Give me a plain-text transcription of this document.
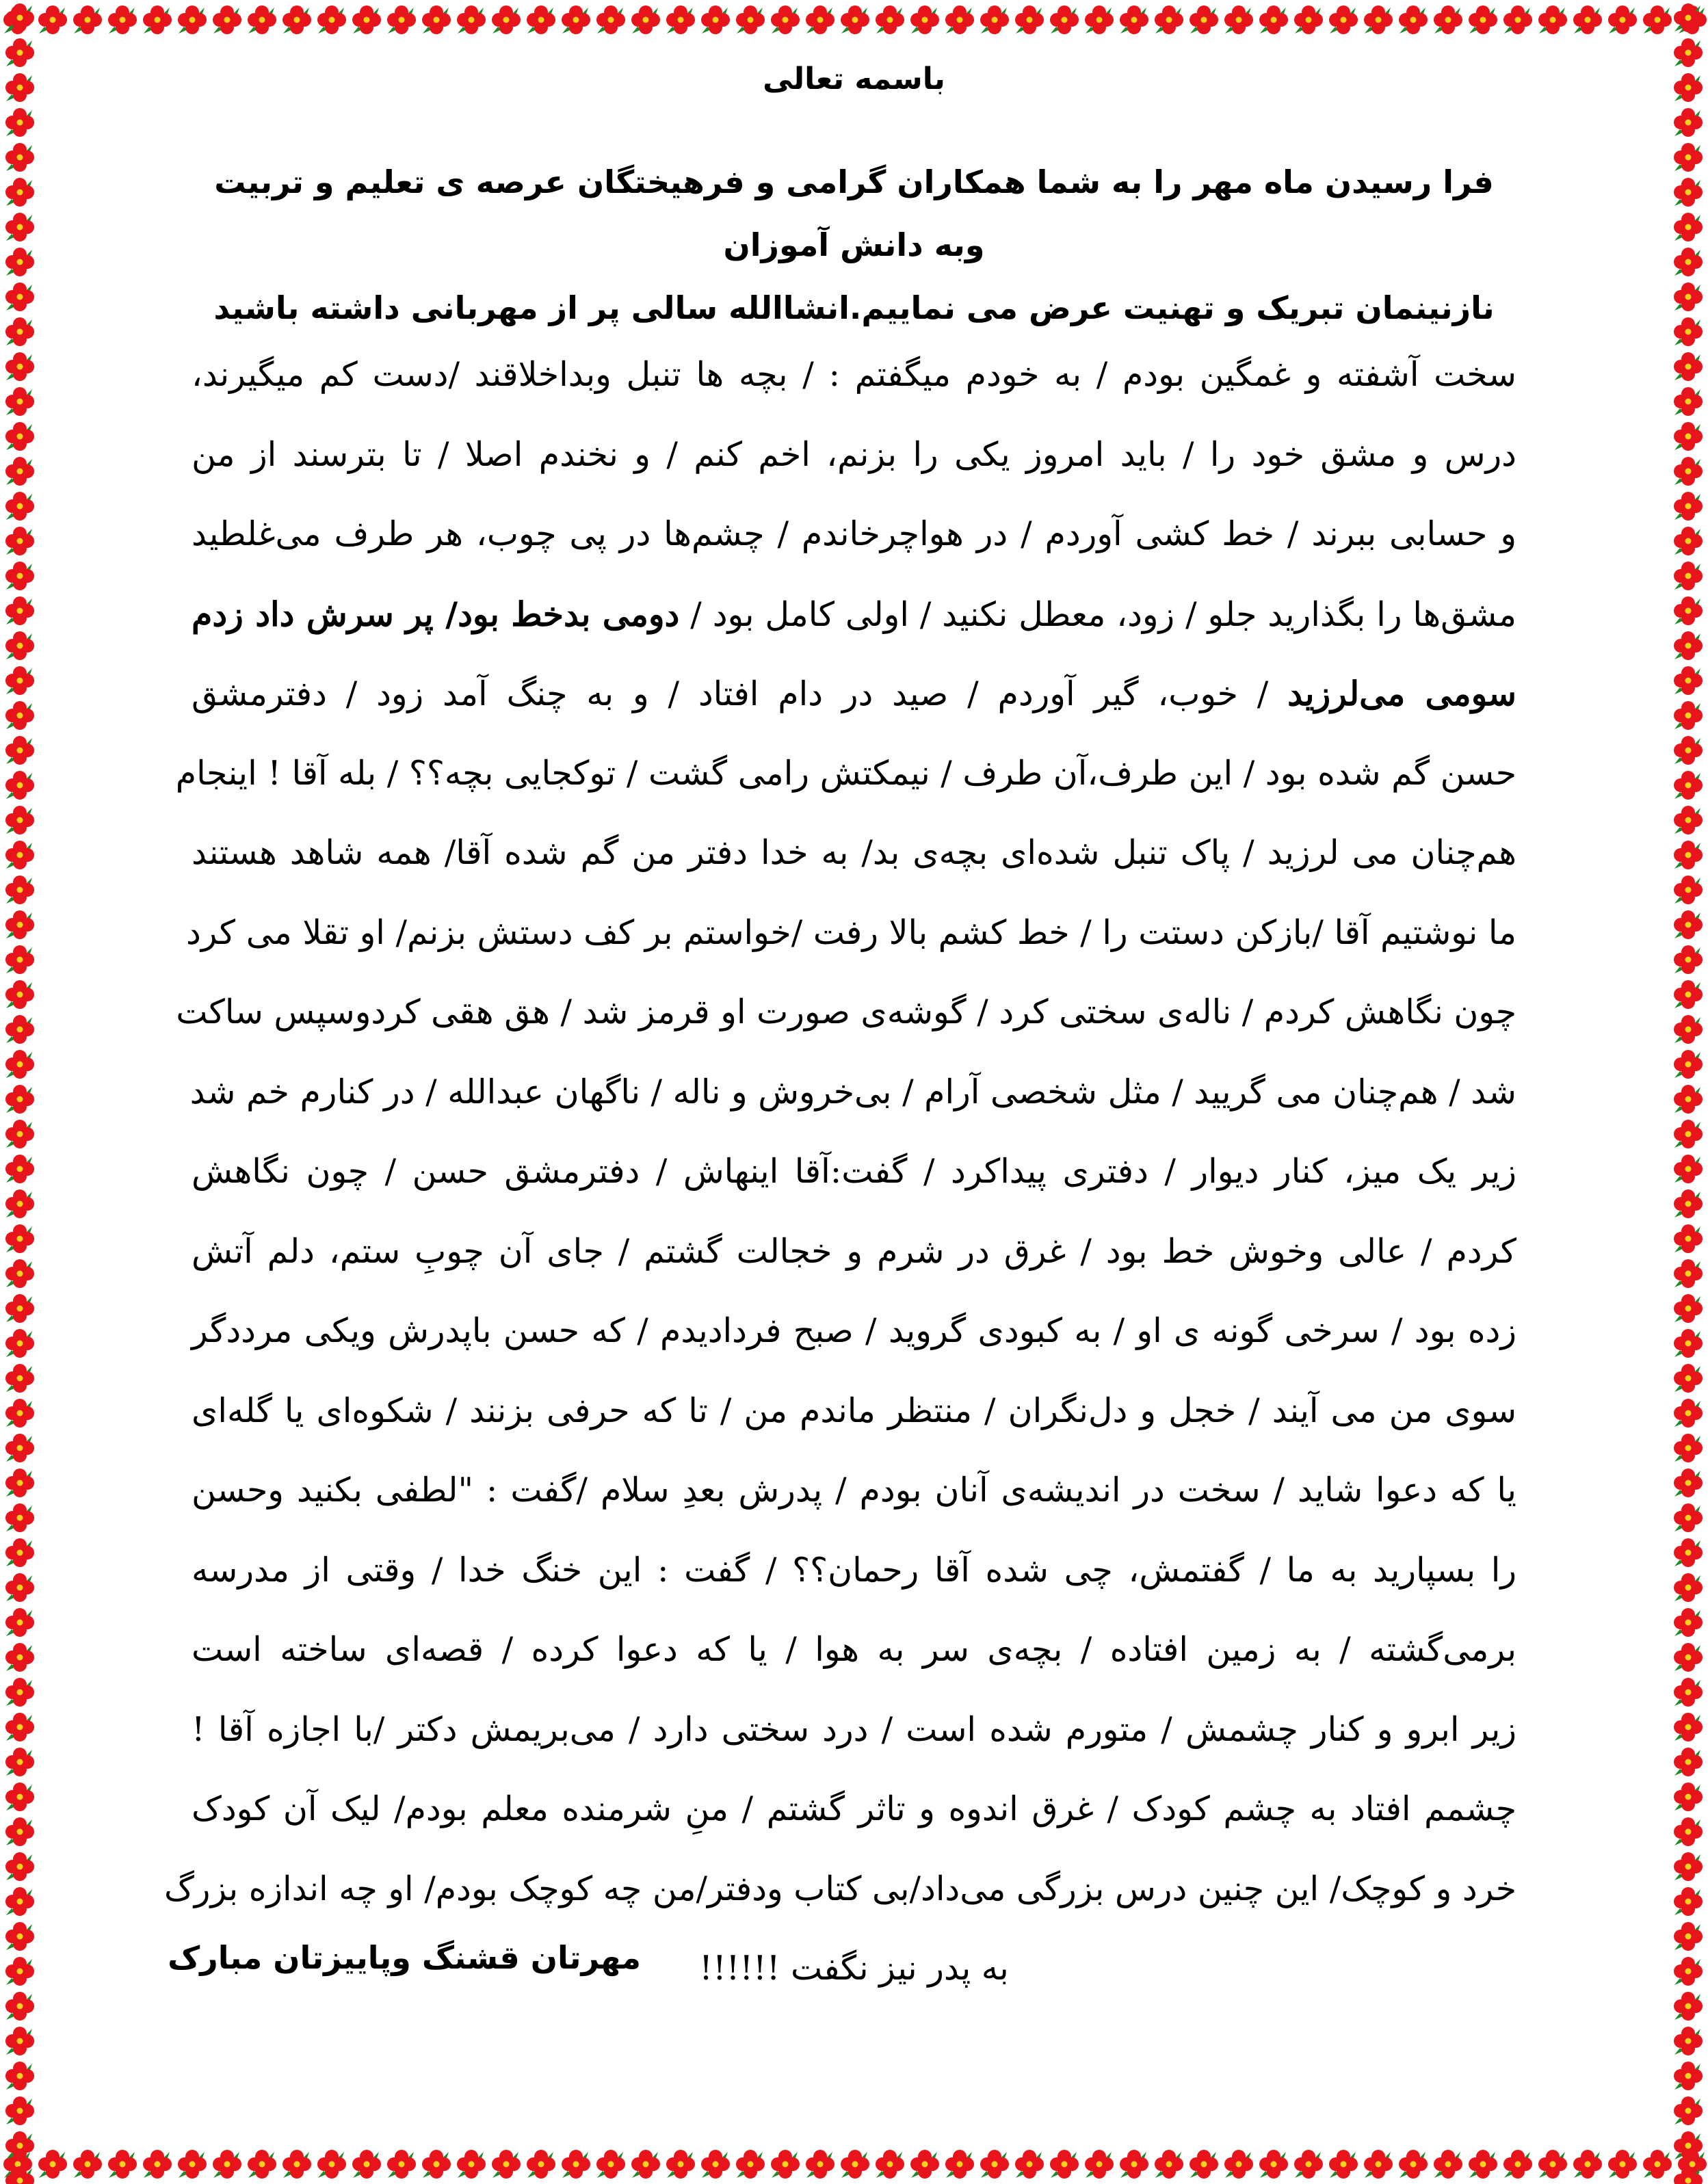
باسمه تعالی
فرا رسیدن ماه مهر را به شما همکاران گرامی و فرهیختگان عرصه ی تعلیم و تربیت وبه دانش آموزان
نازنینمان تبریک و تهنیت عرض می نماییم.انشاالله سالی پر از مهربانی داشته باشید
سخت آشفته و غمگین بودم / به خودم میگفتم : / بچه ها تنبل وبداخلاقند /دست کم میگیرند،
درس و مشق خود را / باید امروز یکی را بزنم، اخم کنم / و نخندم اصلا / تا بترسند از من
و حسابی ببرند / خط کشی آوردم / در هواچرخاندم / چشم‌ها در پی چوب، هر طرف می‌غلطید
مشق‌ها را بگذارید جلو / زود، معطل نکنید / اولی کامل بود / دومی بدخط بود/ پر سرش داد زدم
سومی می‌لرزید / خوب، گیر آوردم / صید در دام افتاد / و به چنگ آمد زود / دفترمشق
حسن گم شده بود / این طرف،آن طرف / نیمکتش رامی گشت / توکجایی بچه؟؟ / بله آقا ! اینجام
هم‌چنان می لرزید / پاک تنبل شده‌ای بچه‌ی بد/ به خدا دفتر من گم شده آقا/ همه شاهد هستند
ما نوشتیم آقا /بازکن دستت را / خط کشم بالا رفت /خواستم بر کف دستش بزنم/ او تقلا می کرد
چون نگاهش کردم / ناله‌ی سختی کرد / گوشه‌ی صورت او قرمز شد / هق هقی کردوسپس ساکت
شد / هم‌چنان می گریید / مثل شخصی آرام / بی‌خروش و ناله / ناگهان عبدالله / در کنارم خم شد
زیر یک میز، کنار دیوار / دفتری پیداکرد / گفت:آقا اینهاش / دفترمشق حسن / چون نگاهش
کردم / عالی وخوش خط بود / غرق در شرم و خجالت گشتم / جای آن چوبِ ستم، دلم آتش
زده بود / سرخی گونه ی او / به کبودی گروید / صبح فرداديدم / که حسن باپدرش ویکی مرددگر
سوی من می آیند / خجل و دل‌نگران / منتظر ماندم من / تا که حرفی بزنند / شکوه‌ای یا گله‌ای
یا که دعوا شاید / سخت در اندیشه‌ی آنان بودم / پدرش بعدِ سلام /گفت : "لطفی بکنید وحسن
را بسپارید به ما / گفتمش، چی شده آقا رحمان؟؟ / گفت : این خنگ خدا / وقتی از مدرسه
برمی‌گشته / به زمین افتاده / بچه‌ی سر به هوا / یا که دعوا کرده / قصه‌ای ساخته است
زیر ابرو و کنار چشمش / متورم شده است / درد سختی دارد / می‌بریمش دکتر /با اجازه آقا !
چشمم افتاد به چشم کودک / غرق اندوه و تاثر گشتم / منِ شرمنده معلم بودم/ لیک آن کودک
خرد و کوچک/ این چنین درس بزرگی می‌داد/بی کتاب ودفتر/من چه کوچک بودم/ او چه اندازه بزرگ
به پدر نیز نگفت !!!!!!
مهرتان قشنگ وپاییزتان مبارک
